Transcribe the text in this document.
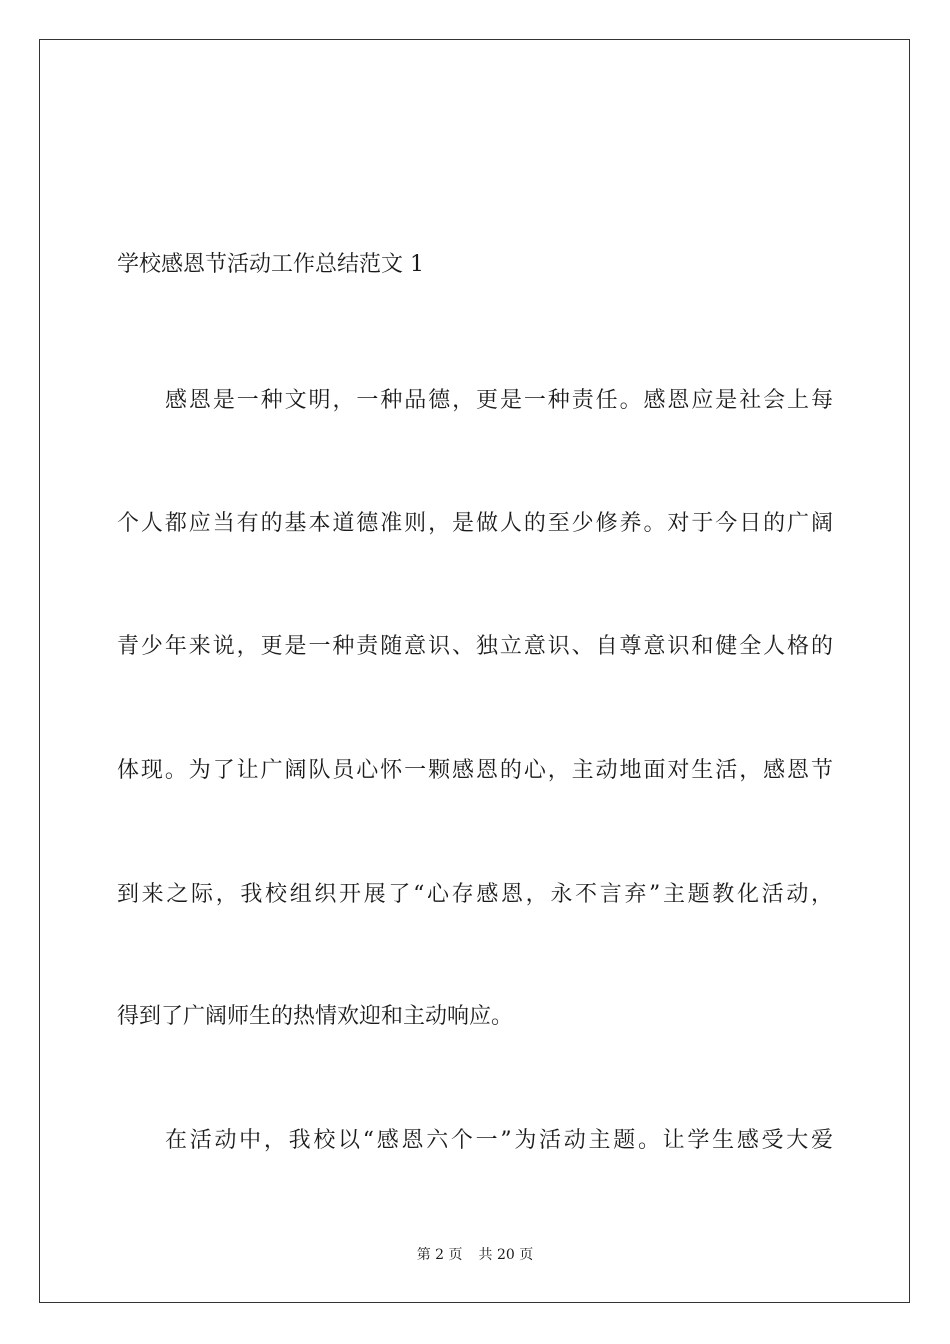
学校感恩节活动工作总结范文 1
感恩是一种文明，一种品德，更是一种责任。感恩应是社会上每
个人都应当有的基本道德准则，是做人的至少修养。对于今日的广阔
青少年来说，更是一种责随意识、独立意识、自尊意识和健全人格的
体现。为了让广阔队员心怀一颗感恩的心，主动地面对生活，感恩节
到来之际，我校组织开展了“心存感恩，永不言弃”主题教化活动，
得到了广阔师生的热情欢迎和主动响应。
在活动中，我校以“感恩六个一”为活动主题。让学生感受大爱
第 2 页 共 20 页
